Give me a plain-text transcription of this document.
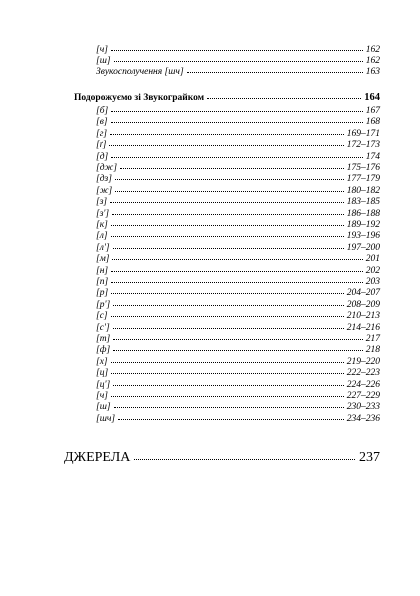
[ч]	162
[ш]	162
Звукосполучення [шч]	163
Подорожуємо зі Звукограйком	164
[б]	167
[в]	168
[г]	169–171
[ґ]	172–173
[д]	174
[дж]	175–176
[дз]	177–179
[ж]	180–182
[з]	183–185
[з']	186–188
[к]	189–192
[л]	193–196
[л']	197–200
[м]	201
[н]	202
[п]	203
[р]	204–207
[р']	208–209
[с]	210–213
[с']	214–216
[т]	217
[ф]	218
[х]	219–220
[ц]	222–223
[ц']	224–226
[ч]	227–229
[ш]	230–233
[шч]	234–236
ДЖЕРЕЛА	237
